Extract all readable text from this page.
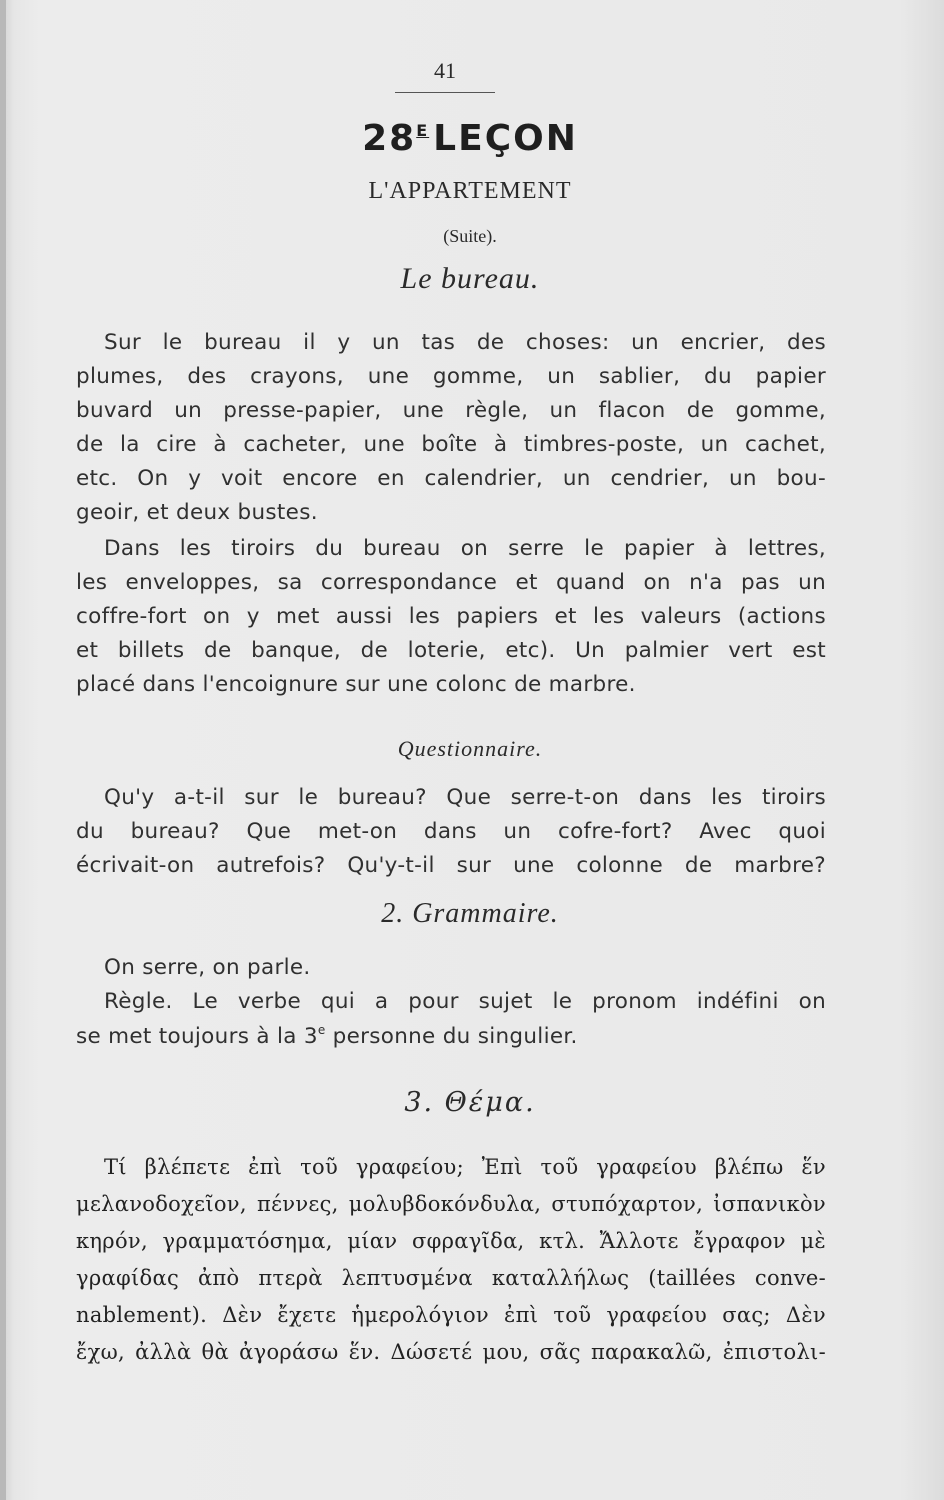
41
$28^E$ LEÇON
L'APPARTEMENT
(Suite).
Le bureau.
Sur le bureau il y un tas de choses: un encrier, des
plumes, des crayons, une gomme, un sablier, du papier
buvard un presse-papier, une règle, un flacon de gomme,
de la cire à cacheter, une boîte à timbres-poste, un cachet,
etc. On y voit encore en calendrier, un cendrier, un bou-
geoir, et deux bustes.
Dans les tiroirs du bureau on serre le papier à lettres,
les enveloppes, sa correspondance et quand on n'a pas un
coffre-fort on y met aussi les papiers et les valeurs (actions
et billets de banque, de loterie, etc). Un palmier vert est
placé dans l'encoignure sur une colonc de marbre.
Questionnaire.
Qu'y a-t-il sur le bureau? Que serre-t-on dans les tiroirs
du bureau? Que met-on dans un cofre-fort? Avec quoi
écrivait-on autrefois? Qu'y-t-il sur une colonne de marbre?
2. Grammaire.
On serre, on parle.
Règle. Le verbe qui a pour sujet le pronom indéfini on
se met toujours à la 3e personne du singulier.
3. Θέμα.
Τί βλέπετε ἐπὶ τοῦ γραφείου; Ἐπὶ τοῦ γραφείου βλέπω ἕν
μελανοδοχεῖον, πέννες, μολυβδοκόνδυλα, στυπόχαρτον, ἰσπανικὸν
κηρόν, γραμματόσημα, μίαν σφραγῖδα, κτλ. Ἄλλοτε ἔγραφον μὲ
γραφίδας ἀπὸ πτερὰ λεπτυσμένα καταλλήλως (taillées conve-
nablement). Δὲν ἔχετε ἡμερολόγιον ἐπὶ τοῦ γραφείου σας; Δὲν
ἔχω, ἀλλὰ θὰ ἀγοράσω ἕν. Δώσετέ μου, σᾶς παρακαλῶ, ἐπιστολι-
